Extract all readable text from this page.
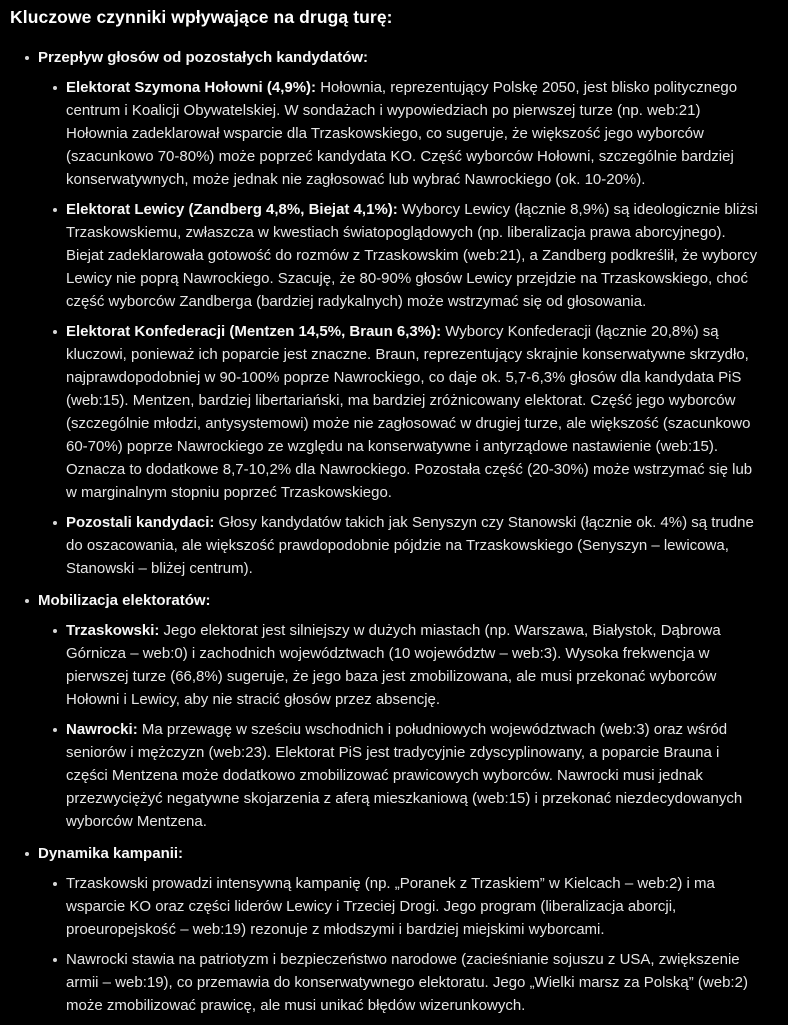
Kluczowe czynniki wpływające na drugą turę:
Przepływ głosów od pozostałych kandydatów:
Elektorat Szymona Hołowni (4,9%): Hołownia, reprezentujący Polskę 2050, jest blisko politycznego centrum i Koalicji Obywatelskiej. W sondażach i wypowiedziach po pierwszej turze (np. web:21) Hołownia zadeklarował wsparcie dla Trzaskowskiego, co sugeruje, że większość jego wyborców (szacunkowo 70-80%) może poprzeć kandydata KO. Część wyborców Hołowni, szczególnie bardziej konserwatywnych, może jednak nie zagłosować lub wybrać Nawrockiego (ok. 10-20%).
Elektorat Lewicy (Zandberg 4,8%, Biejat 4,1%): Wyborcy Lewicy (łącznie 8,9%) są ideologicznie bliżsi Trzaskowskiemu, zwłaszcza w kwestiach światopoglądowych (np. liberalizacja prawa aborcyjnego). Biejat zadeklarowała gotowość do rozmów z Trzaskowskim (web:21), a Zandberg podkreślił, że wyborcy Lewicy nie poprą Nawrockiego. Szacuję, że 80-90% głosów Lewicy przejdzie na Trzaskowskiego, choć część wyborców Zandberga (bardziej radykalnych) może wstrzymać się od głosowania.
Elektorat Konfederacji (Mentzen 14,5%, Braun 6,3%): Wyborcy Konfederacji (łącznie 20,8%) są kluczowi, ponieważ ich poparcie jest znaczne. Braun, reprezentujący skrajnie konserwatywne skrzydło, najprawdopodobniej w 90-100% poprze Nawrockiego, co daje ok. 5,7-6,3% głosów dla kandydata PiS (web:15). Mentzen, bardziej libertariański, ma bardziej zróżnicowany elektorat. Część jego wyborców (szczególnie młodzi, antysystemowi) może nie zagłosować w drugiej turze, ale większość (szacunkowo 60-70%) poprze Nawrockiego ze względu na konserwatywne i antyrządowe nastawienie (web:15). Oznacza to dodatkowe 8,7-10,2% dla Nawrockiego. Pozostała część (20-30%) może wstrzymać się lub w marginalnym stopniu poprzeć Trzaskowskiego.
Pozostali kandydaci: Głosy kandydatów takich jak Senyszyn czy Stanowski (łącznie ok. 4%) są trudne do oszacowania, ale większość prawdopodobnie pójdzie na Trzaskowskiego (Senyszyn – lewicowa, Stanowski – bliżej centrum).
Mobilizacja elektoratów:
Trzaskowski: Jego elektorat jest silniejszy w dużych miastach (np. Warszawa, Białystok, Dąbrowa Górnicza – web:0) i zachodnich województwach (10 województw – web:3). Wysoka frekwencja w pierwszej turze (66,8%) sugeruje, że jego baza jest zmobilizowana, ale musi przekonać wyborców Hołowni i Lewicy, aby nie stracić głosów przez absencję.
Nawrocki: Ma przewagę w sześciu wschodnich i południowych województwach (web:3) oraz wśród seniorów i mężczyzn (web:23). Elektorat PiS jest tradycyjnie zdyscyplinowany, a poparcie Brauna i części Mentzena może dodatkowo zmobilizować prawicowych wyborców. Nawrocki musi jednak przezwyciężyć negatywne skojarzenia z aferą mieszkaniową (web:15) i przekonać niezdecydowanych wyborców Mentzena.
Dynamika kampanii:
Trzaskowski prowadzi intensywną kampanię (np. „Poranek z Trzaskiem” w Kielcach – web:2) i ma wsparcie KO oraz części liderów Lewicy i Trzeciej Drogi. Jego program (liberalizacja aborcji, proeuropejskość – web:19) rezonuje z młodszymi i bardziej miejskimi wyborcami.
Nawrocki stawia na patriotyzm i bezpieczeństwo narodowe (zacieśnianie sojuszu z USA, zwiększenie armii – web:19), co przemawia do konserwatywnego elektoratu. Jego „Wielki marsz za Polską” (web:2) może zmobilizować prawicę, ale musi unikać błędów wizerunkowych.
